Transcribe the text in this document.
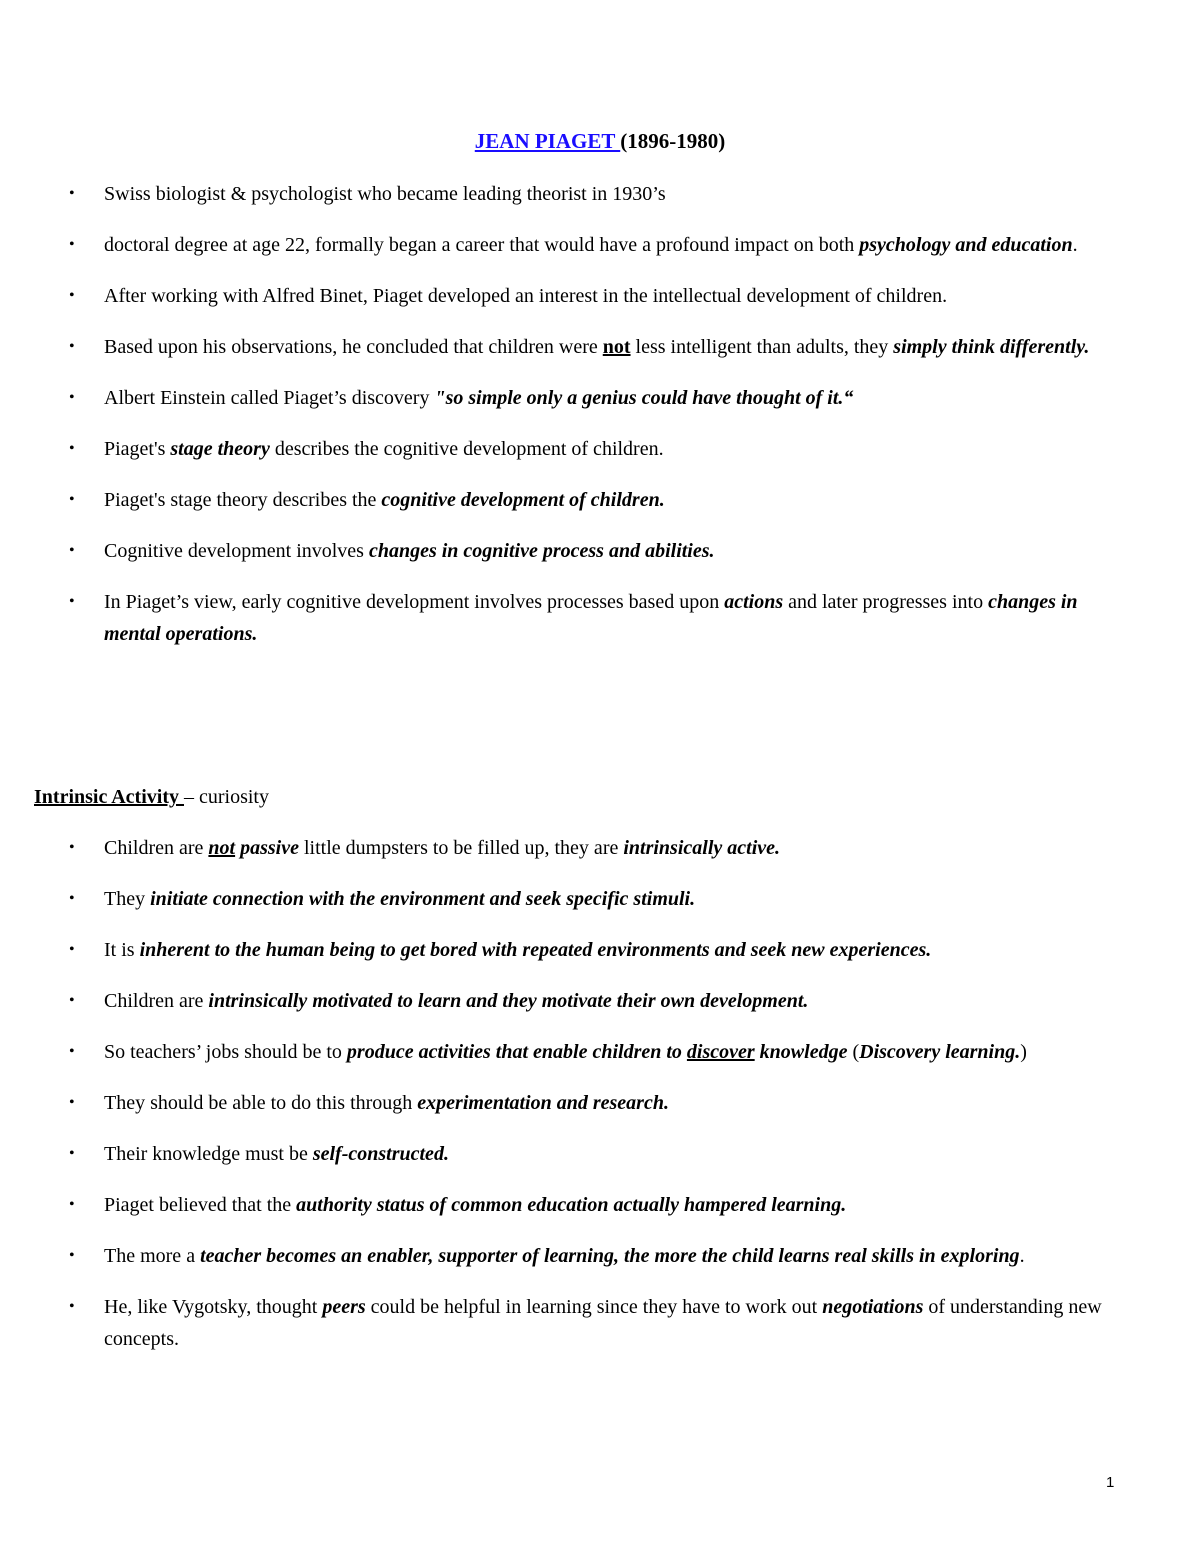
JEAN PIAGET (1896-1980)
• Swiss biologist & psychologist who became leading theorist in 1930’s
• doctoral degree at age 22, formally began a career that would have a profound impact on both psychology and education.
• After working with Alfred Binet, Piaget developed an interest in the intellectual development of children.
• Based upon his observations, he concluded that children were not less intelligent than adults, they simply think differently.
• Albert Einstein called Piaget’s discovery "so simple only a genius could have thought of it.“
• Piaget's stage theory describes the cognitive development of children.
• Piaget's stage theory describes the cognitive development of children.
• Cognitive development involves changes in cognitive process and abilities.
• In Piaget’s view, early cognitive development involves processes based upon actions and later progresses into changes in mental operations.
Intrinsic Activity – curiosity
• Children are not passive little dumpsters to be filled up, they are intrinsically active.
• They initiate connection with the environment and seek specific stimuli.
• It is inherent to the human being to get bored with repeated environments and seek new experiences.
• Children are intrinsically motivated to learn and they motivate their own development.
• So teachers’ jobs should be to produce activities that enable children to discover knowledge (Discovery learning.)
• They should be able to do this through experimentation and research.
• Their knowledge must be self-constructed.
• Piaget believed that the authority status of common education actually hampered learning.
• The more a teacher becomes an enabler, supporter of learning, the more the child learns real skills in exploring.
• He, like Vygotsky, thought peers could be helpful in learning since they have to work out negotiations of understanding new concepts.
1
